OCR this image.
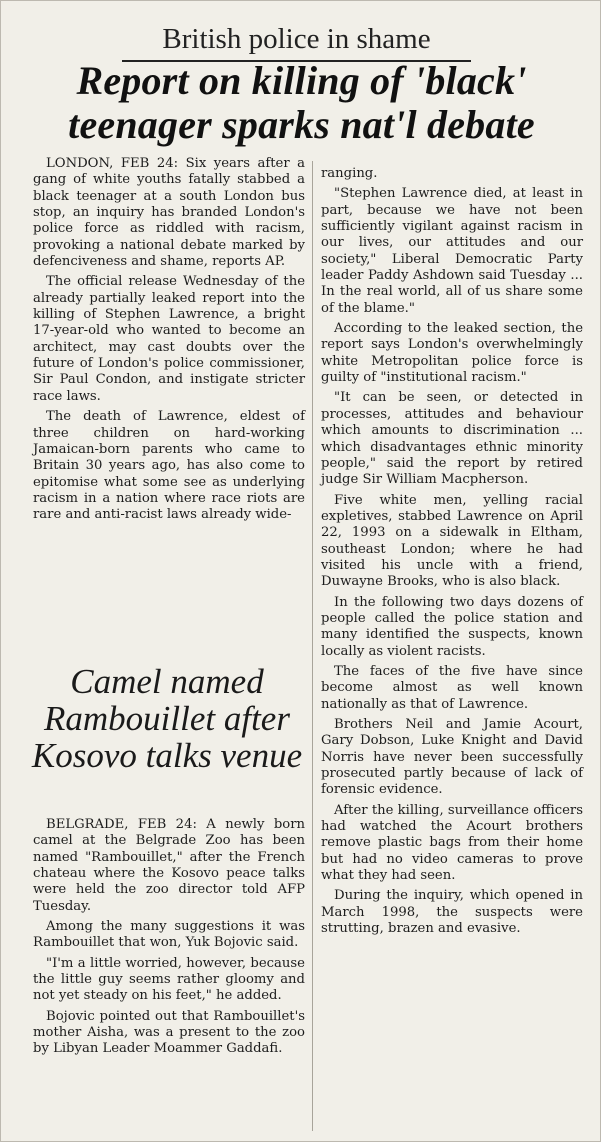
British police in shame
Report on killing of 'black'
teenager sparks nat'l debate

LONDON, FEB 24: Six years after a gang of white youths fatally stabbed a black teenager at a south London bus stop, an inquiry has branded London's police force as riddled with racism, provoking a national debate marked by defenciveness and shame, reports AP.

The official release Wednesday of the already partially leaked report into the killing of Stephen Lawrence, a bright 17-year-old who wanted to become an architect, may cast doubts over the future of London's police commissioner, Sir Paul Condon, and instigate stricter race laws.

The death of Lawrence, eldest of three children on hard-working Jamaican-born parents who came to Britain 30 years ago, has also come to epitomise what some see as underlying racism in a nation where race riots are rare and anti-racist laws already wide-

Camel named Rambouillet after Kosovo talks venue

BELGRADE, FEB 24: A newly born camel at the Belgrade Zoo has been named "Rambouillet," after the French chateau where the Kosovo peace talks were held the zoo director told AFP Tuesday.

Among the many suggestions it was Rambouillet that won, Yuk Bojovic said.

"I'm a little worried, however, because the little guy seems rather gloomy and not yet steady on his feet," he added.

Bojovic pointed out that Rambouillet's mother Aisha, was a present to the zoo by Libyan Leader Moammer Gaddafi.

ranging.

"Stephen Lawrence died, at least in part, because we have not been sufficiently vigilant against racism in our lives, our attitudes and our society," Liberal Democratic Party leader Paddy Ashdown said Tuesday ... In the real world, all of us share some of the blame."

According to the leaked section, the report says London's overwhelmingly white Metropolitan police force is guilty of "institutional racism."

"It can be seen, or detected in processes, attitudes and behaviour which amounts to discrimination ... which disadvantages ethnic minority people," said the report by retired judge Sir William Macpherson.

Five white men, yelling racial expletives, stabbed Lawrence on April 22, 1993 on a sidewalk in Eltham, southeast London; where he had visited his uncle with a friend, Duwayne Brooks, who is also black.

In the following two days dozens of people called the police station and many identified the suspects, known locally as violent racists.

The faces of the five have since become almost as well known nationally as that of Lawrence.

Brothers Neil and Jamie Acourt, Gary Dobson, Luke Knight and David Norris have never been successfully prosecuted partly because of lack of forensic evidence.

After the killing, surveillance officers had watched the Acourt brothers remove plastic bags from their home but had no video cameras to prove what they had seen.

During the inquiry, which opened in March 1998, the suspects were strutting, brazen and evasive.
